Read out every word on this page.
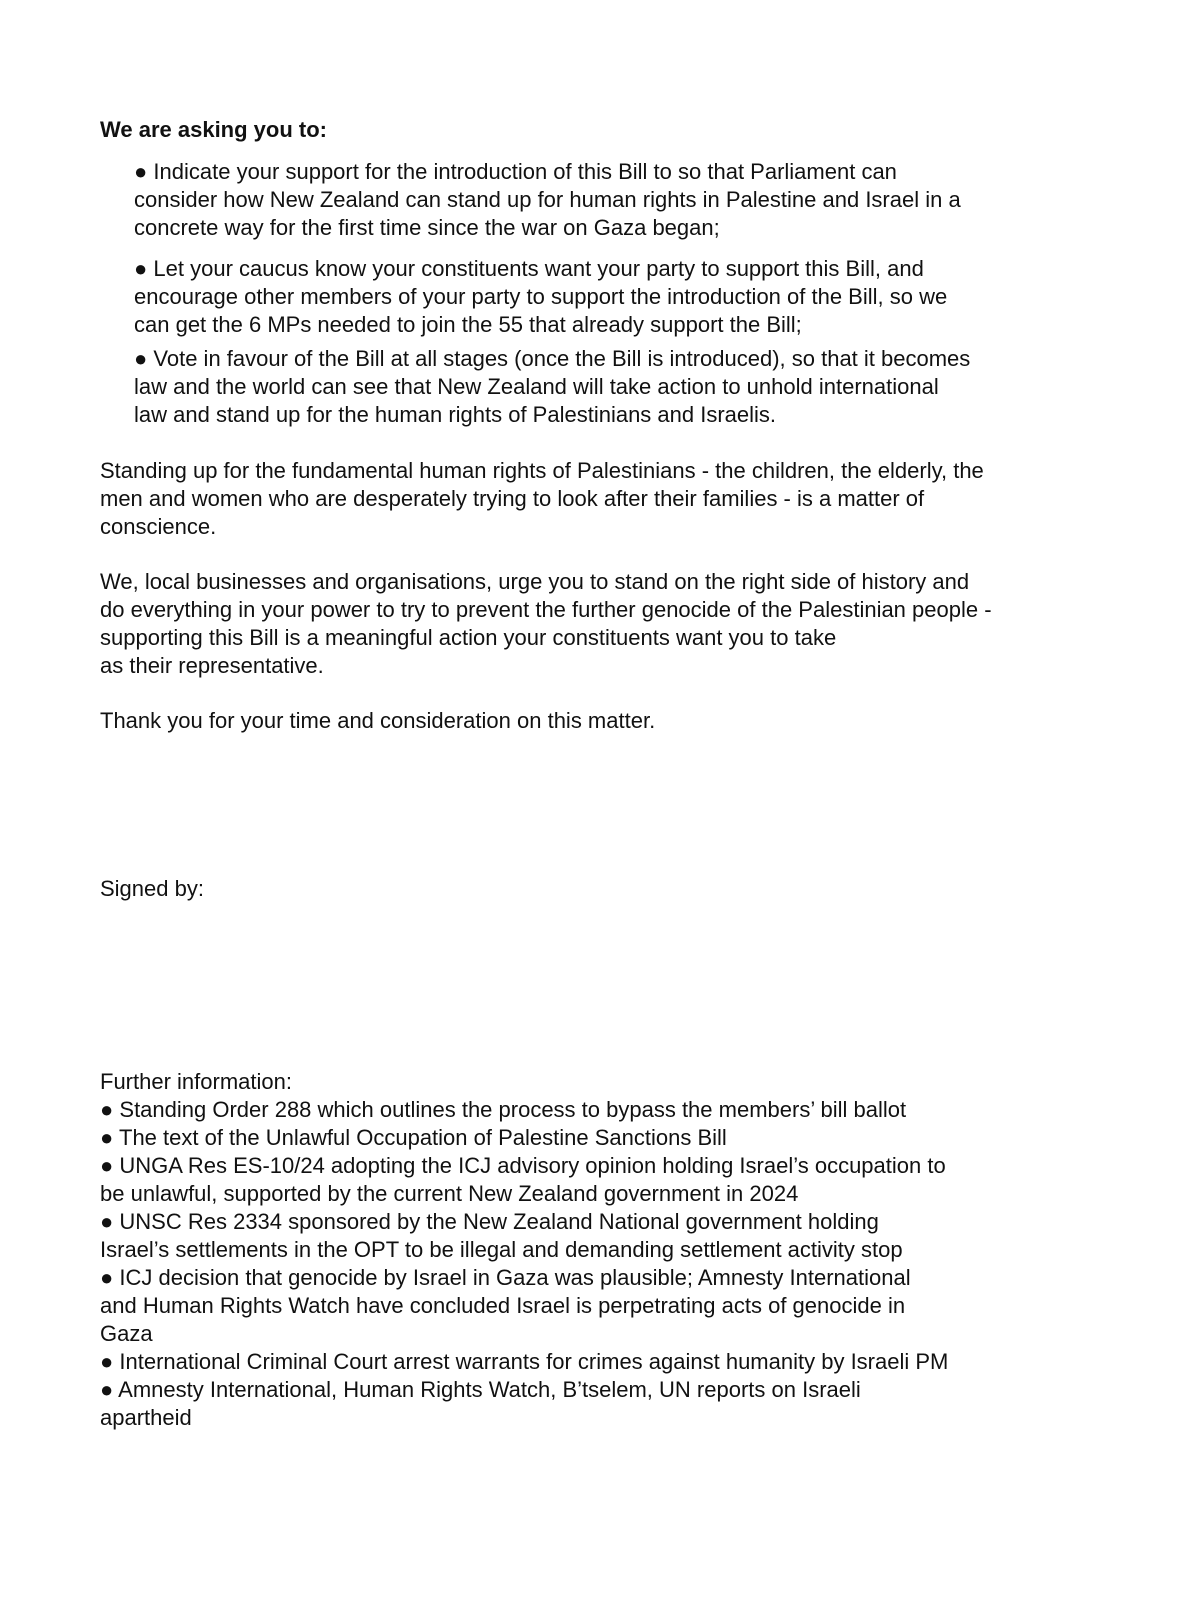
We are asking you to:

● Indicate your support for the introduction of this Bill to so that Parliament can
consider how New Zealand can stand up for human rights in Palestine and Israel in a
concrete way for the first time since the war on Gaza began;
● Let your caucus know your constituents want your party to support this Bill, and
encourage other members of your party to support the introduction of the Bill, so we
can get the 6 MPs needed to join the 55 that already support the Bill;
● Vote in favour of the Bill at all stages (once the Bill is introduced), so that it becomes
law and the world can see that New Zealand will take action to unhold international
law and stand up for the human rights of Palestinians and Israelis.
Standing up for the fundamental human rights of Palestinians - the children, the elderly, the
men and women who are desperately trying to look after their families - is a matter of
conscience.
We, local businesses and organisations, urge you to stand on the right side of history and
do everything in your power to try to prevent the further genocide of the Palestinian people -
supporting this Bill is a meaningful action your constituents want you to take
as their representative.
Thank you for your time and consideration on this matter.

Signed by:

Further information:
● Standing Order 288 which outlines the process to bypass the members’ bill ballot
● The text of the Unlawful Occupation of Palestine Sanctions Bill
● UNGA Res ES-10/24 adopting the ICJ advisory opinion holding Israel’s occupation to
be unlawful, supported by the current New Zealand government in 2024
● UNSC Res 2334 sponsored by the New Zealand National government holding
Israel’s settlements in the OPT to be illegal and demanding settlement activity stop
● ICJ decision that genocide by Israel in Gaza was plausible; Amnesty International
and Human Rights Watch have concluded Israel is perpetrating acts of genocide in
Gaza
● International Criminal Court arrest warrants for crimes against humanity by Israeli PM
● Amnesty International, Human Rights Watch, B’tselem, UN reports on Israeli
apartheid
